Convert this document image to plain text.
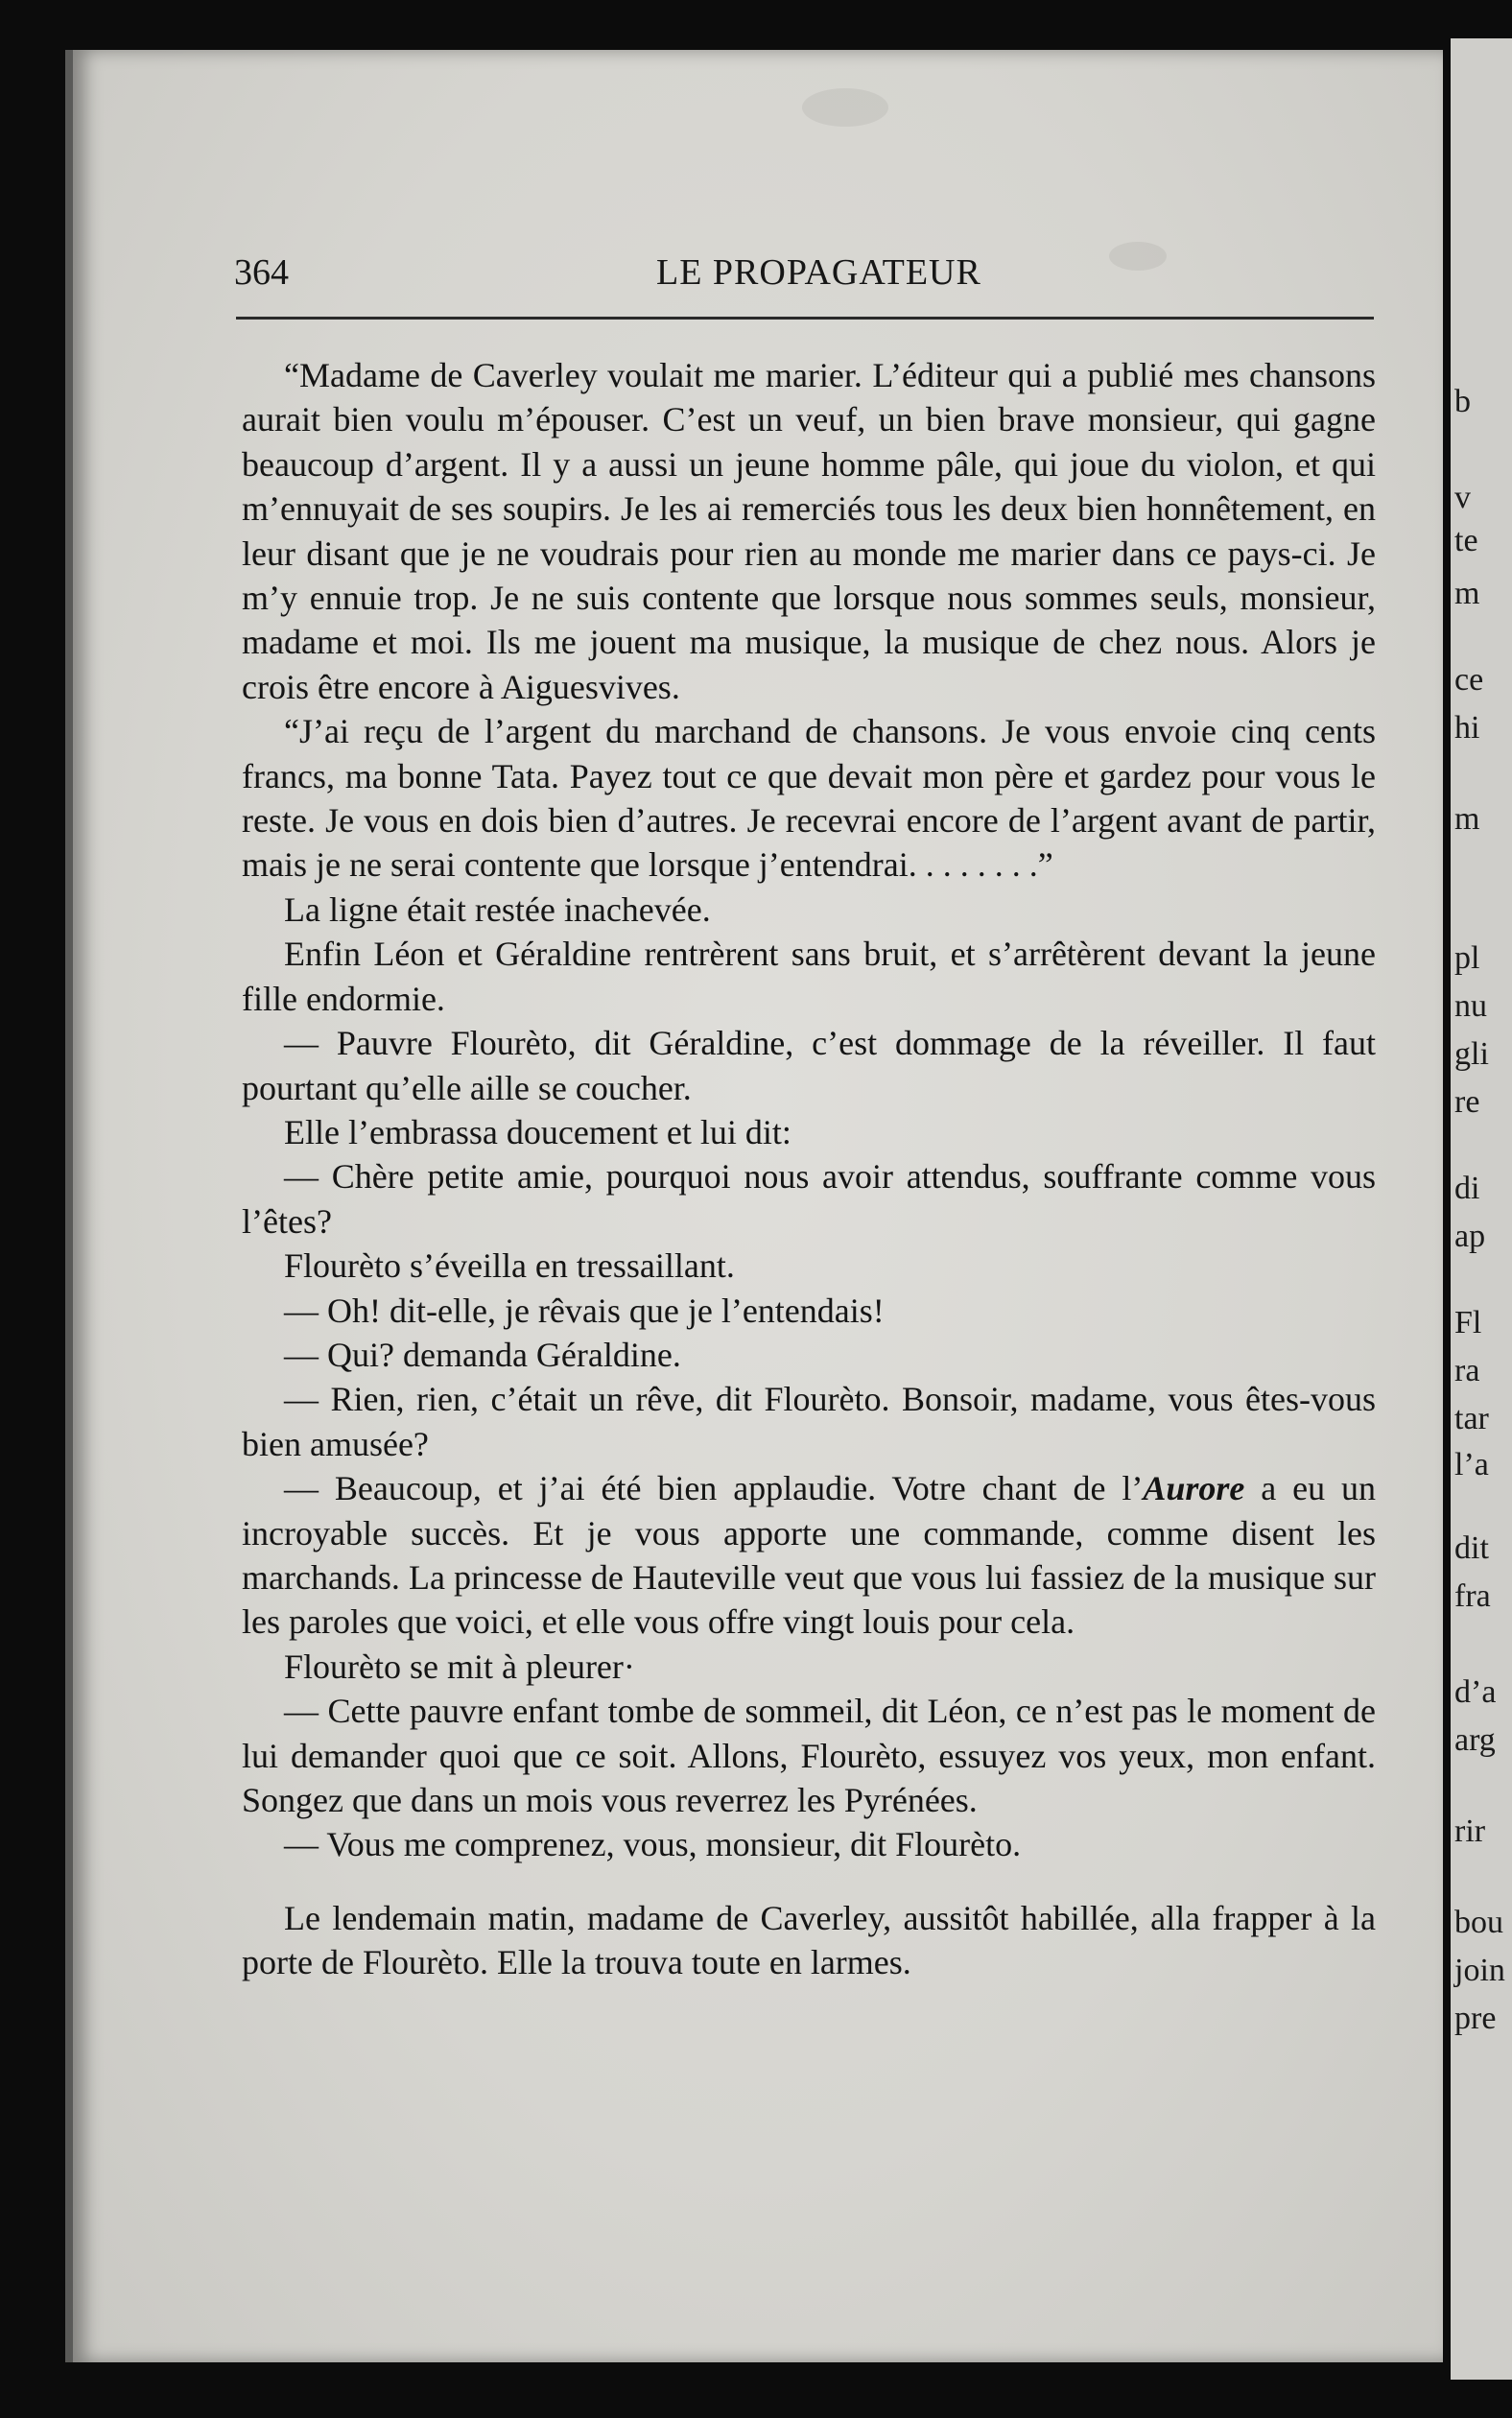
b
v
te
m
ce
hi
m
pl
nu
gli
re
di
ap
Fl
ra
tar
l’a
dit
fra
d’a
arg
rir
bou
join
pre
364	LE PROPAGATEUR

“Madame de Caverley voulait me marier. L’éditeur qui a publié mes chansons aurait bien voulu m’épouser. C’est un veuf, un bien brave monsieur, qui gagne beaucoup d’argent. Il y a aussi un jeune homme pâle, qui joue du violon, et qui m’ennuyait de ses soupirs. Je les ai remerciés tous les deux bien honnêtement, en leur disant que je ne voudrais pour rien au monde me marier dans ce pays-ci. Je m’y ennuie trop. Je ne suis contente que lorsque nous sommes seuls, monsieur, madame et moi. Ils me jouent ma musique, la musique de chez nous. Alors je crois être encore à Aiguesvives.

“J’ai reçu de l’argent du marchand de chansons. Je vous envoie cinq cents francs, ma bonne Tata. Payez tout ce que devait mon père et gardez pour vous le reste. Je vous en dois bien d’autres. Je recevrai encore de l’argent avant de partir, mais je ne serai contente que lorsque j’entendrai. . . . . . . .”

La ligne était restée inachevée.

Enfin Léon et Géraldine rentrèrent sans bruit, et s’arrêtèrent devant la jeune fille endormie.

— Pauvre Flourèto, dit Géraldine, c’est dommage de la réveiller. Il faut pourtant qu’elle aille se coucher.

Elle l’embrassa doucement et lui dit:

— Chère petite amie, pourquoi nous avoir attendus, souffrante comme vous l’êtes?

Flourèto s’éveilla en tressaillant.

— Oh! dit-elle, je rêvais que je l’entendais!

— Qui? demanda Géraldine.

— Rien, rien, c’était un rêve, dit Flourèto. Bonsoir, madame, vous êtes-vous bien amusée?

— Beaucoup, et j’ai été bien applaudie. Votre chant de l’Aurore a eu un incroyable succès. Et je vous apporte une commande, comme disent les marchands. La princesse de Hauteville veut que vous lui fassiez de la musique sur les paroles que voici, et elle vous offre vingt louis pour cela.

Flourèto se mit à pleurer·

— Cette pauvre enfant tombe de sommeil, dit Léon, ce n’est pas le moment de lui demander quoi que ce soit. Allons, Flourèto, essuyez vos yeux, mon enfant. Songez que dans un mois vous reverrez les Pyrénées.

— Vous me comprenez, vous, monsieur, dit Flourèto.

Le lendemain matin, madame de Caverley, aussitôt habillée, alla frapper à la porte de Flourèto. Elle la trouva toute en larmes.
